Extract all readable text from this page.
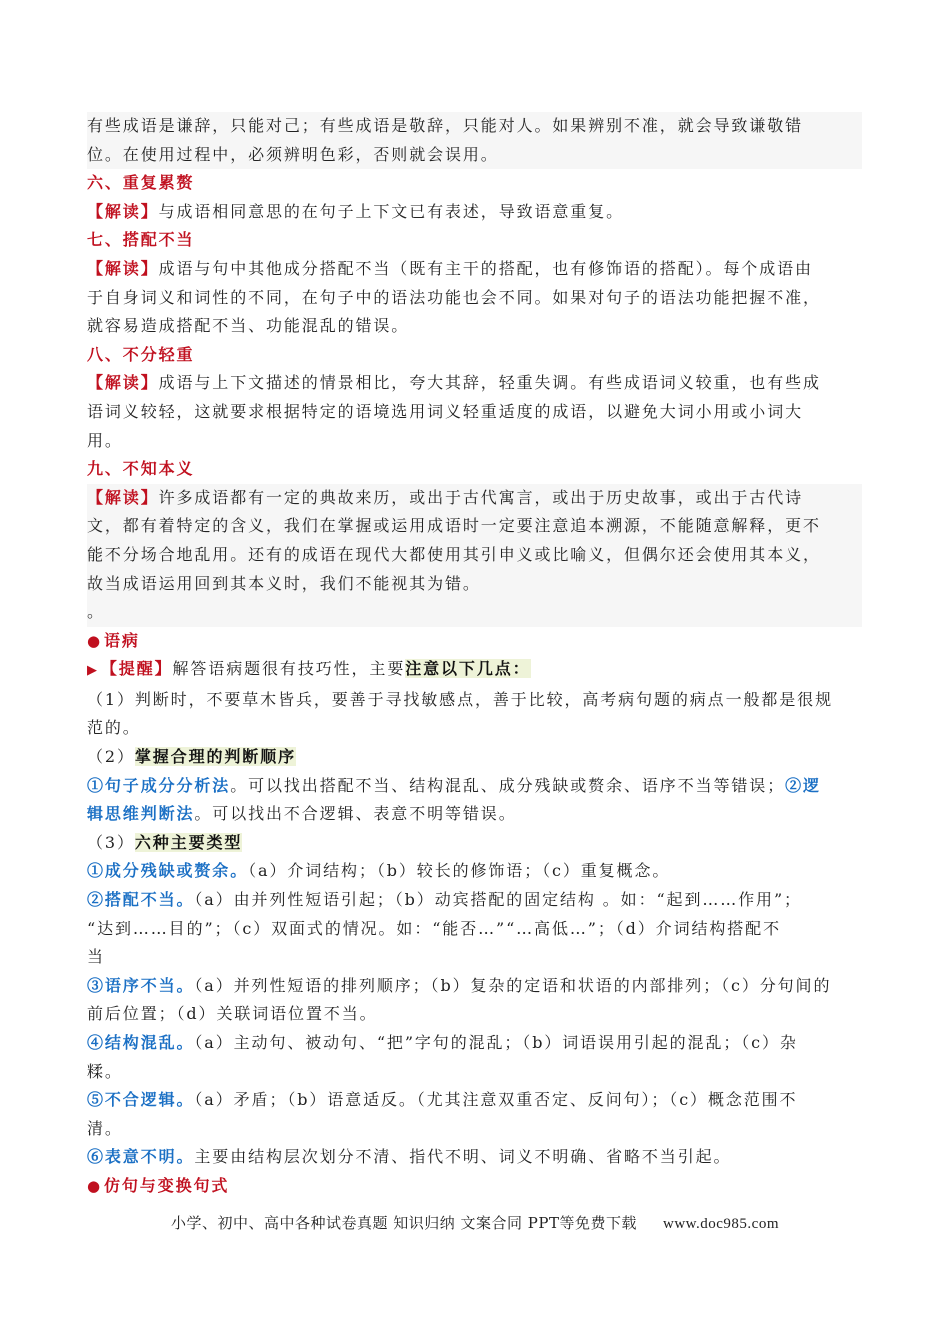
有些成语是谦辞，只能对己；有些成语是敬辞，只能对人。如果辨别不准，就会导致谦敬错
位。在使用过程中，必须辨明色彩，否则就会误用。
六、重复累赘
【解读】与成语相同意思的在句子上下文已有表述，导致语意重复。
七、搭配不当
【解读】成语与句中其他成分搭配不当（既有主干的搭配，也有修饰语的搭配）。每个成语由
于自身词义和词性的不同，在句子中的语法功能也会不同。如果对句子的语法功能把握不准，
就容易造成搭配不当、功能混乱的错误。
八、不分轻重
【解读】成语与上下文描述的情景相比，夸大其辞，轻重失调。有些成语词义较重，也有些成
语词义较轻，这就要求根据特定的语境选用词义轻重适度的成语，以避免大词小用或小词大
用。
九、不知本义
【解读】许多成语都有一定的典故来历，或出于古代寓言，或出于历史故事，或出于古代诗
文，都有着特定的含义，我们在掌握或运用成语时一定要注意追本溯源，不能随意解释，更不
能不分场合地乱用。还有的成语在现代大都使用其引申义或比喻义，但偶尔还会使用其本义，
故当成语运用回到其本义时，我们不能视其为错。
。
● 语病
▶ 【提醒】解答语病题很有技巧性，主要注意以下几点：
（1）判断时，不要草木皆兵，要善于寻找敏感点，善于比较，高考病句题的病点一般都是很规
范的。
（2）掌握合理的判断顺序
①句子成分分析法。可以找出搭配不当、结构混乱、成分残缺或赘余、语序不当等错误；②逻
辑思维判断法。可以找出不合逻辑、表意不明等错误。
（3）六种主要类型
①成分残缺或赘余。（a）介词结构；（b）较长的修饰语；（c）重复概念。
②搭配不当。（a）由并列性短语引起；（b）动宾搭配的固定结构 。如：“起到……作用”；
“达到……目的”；（c）双面式的情况。如：“能否…”“…高低…”；（d）介词结构搭配不
当
③语序不当。（a）并列性短语的排列顺序；（b）复杂的定语和状语的内部排列；（c）分句间的
前后位置；（d）关联词语位置不当。
④结构混乱。（a）主动句、被动句、“把”字句的混乱；（b）词语误用引起的混乱；（c）杂
糅。
⑤不合逻辑。（a）矛盾；（b）语意适反。（尤其注意双重否定、反问句）；（c）概念范围不
清。
⑥表意不明。主要由结构层次划分不清、指代不明、词义不明确、省略不当引起。
● 仿句与变换句式
小学、初中、高中各种试卷真题 知识归纳 文案合同 PPT等免费下载 www.doc985.com
